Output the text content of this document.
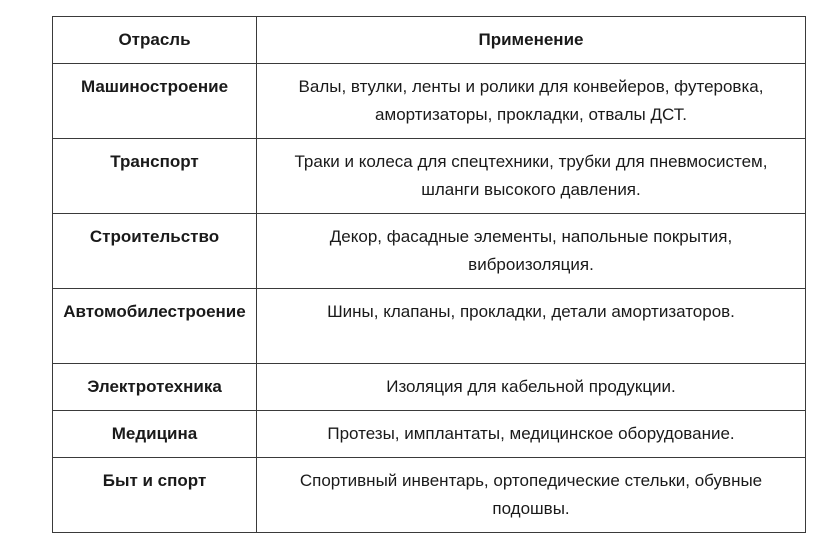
Отрасль	Применение
Машиностроение	Валы, втулки, ленты и ролики для конвейеров, футеровка, амортизаторы, прокладки, отвалы ДСТ.
Транспорт	Траки и колеса для спецтехники, трубки для пневмосистем, шланги высокого давления.
Строительство	Декор, фасадные элементы, напольные покрытия, виброизоляция.
Автомобилестроение	Шины, клапаны, прокладки, детали амортизаторов.
Электротехника	Изоляция для кабельной продукции.
Медицина	Протезы, имплантаты, медицинское оборудование.
Быт и спорт	Спортивный инвентарь, ортопедические стельки, обувные подошвы.
